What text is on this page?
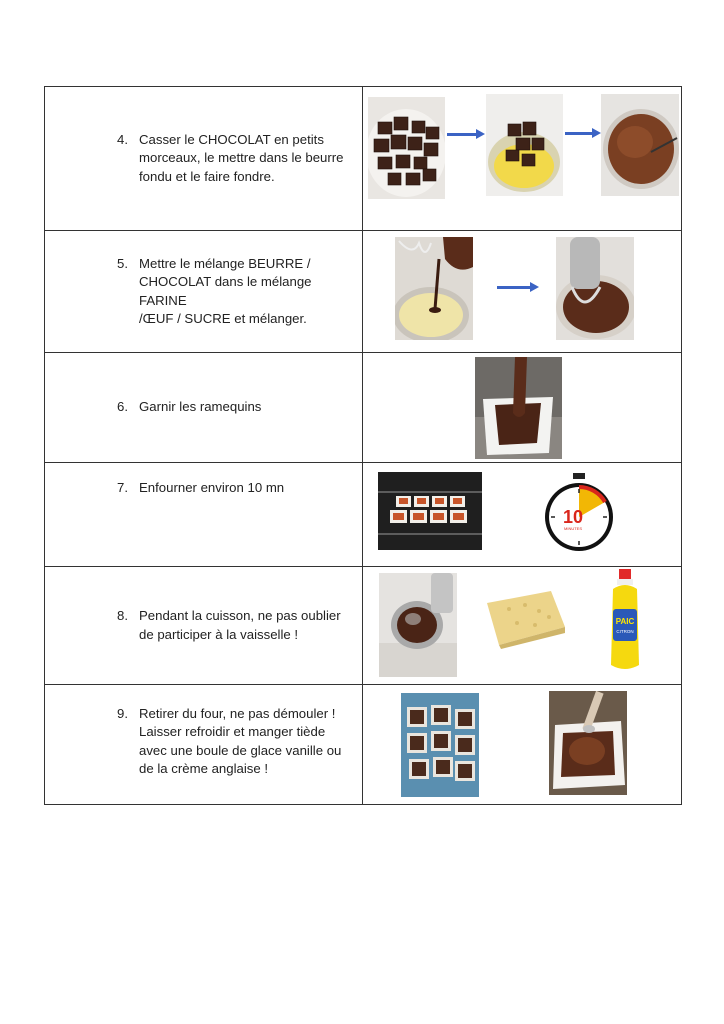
4. Casser le CHOCOLAT en petits
morceaux, le mettre dans le beurre
fondu et le faire fondre.

5. Mettre le mélange BEURRE /
CHOCOLAT dans le mélange FARINE
/ŒUF / SUCRE et mélanger.

6. Garnir les ramequins

7. Enfourner environ 10 mn	10
MINUTES

8. Pendant la cuisson, ne pas oublier
de participer à la vaisselle !	PAIC
CITRON

9. Retirer du four, ne pas démouler !
Laisser refroidir et manger tiède
avec une boule de glace vanille ou
de la crème anglaise !
